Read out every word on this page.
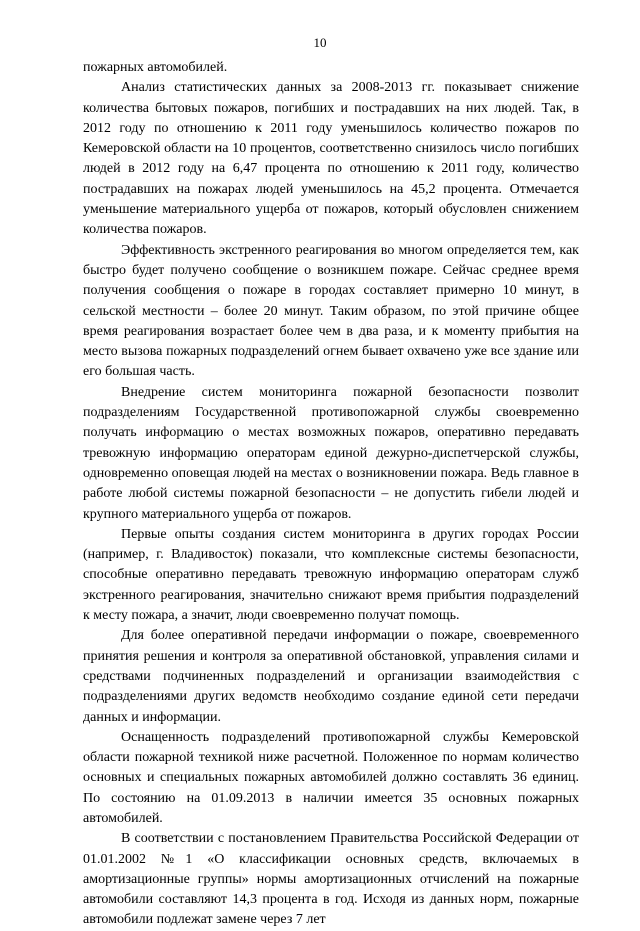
10

пожарных автомобилей.

Анализ статистических данных за 2008-2013 гг. показывает снижение количества бытовых пожаров, погибших и пострадавших на них людей. Так, в 2012 году по отношению к 2011 году уменьшилось количество пожаров по Кемеровской области на 10 процентов, соответственно снизилось число погибших людей в 2012 году на 6,47 процента по отношению к 2011 году, количество пострадавших на пожарах людей уменьшилось на 45,2 процента. Отмечается уменьшение материального ущерба от пожаров, который обусловлен снижением количества пожаров.

Эффективность экстренного реагирования во многом определяется тем, как быстро будет получено сообщение о возникшем пожаре. Сейчас среднее время получения сообщения о пожаре в городах составляет примерно 10 минут, в сельской местности – более 20 минут. Таким образом, по этой причине общее время реагирования возрастает более чем в два раза, и к моменту прибытия на место вызова пожарных подразделений огнем бывает охвачено уже все здание или его большая часть.

Внедрение систем мониторинга пожарной безопасности позволит подразделениям Государственной противопожарной службы своевременно получать информацию о местах возможных пожаров, оперативно передавать тревожную информацию операторам единой дежурно-диспетчерской службы, одновременно оповещая людей на местах о возникновении пожара. Ведь главное в работе любой системы пожарной безопасности – не допустить гибели людей и крупного материального ущерба от пожаров.

Первые опыты создания систем мониторинга в других городах России (например, г. Владивосток) показали, что комплексные системы безопасности, способные оперативно передавать тревожную информацию операторам служб экстренного реагирования, значительно снижают время прибытия подразделений к месту пожара, а значит, люди своевременно получат помощь.

Для более оперативной передачи информации о пожаре, своевременного принятия решения и контроля за оперативной обстановкой, управления силами и средствами подчиненных подразделений и организации взаимодействия с подразделениями других ведомств необходимо создание единой сети передачи данных и информации.

Оснащенность подразделений противопожарной службы Кемеровской области пожарной техникой ниже расчетной. Положенное по нормам количество основных и специальных пожарных автомобилей должно составлять 36 единиц. По состоянию на 01.09.2013 в наличии имеется 35 основных пожарных автомобилей.

В соответствии с постановлением Правительства Российской Федерации от 01.01.2002 №1 «О классификации основных средств, включаемых в амортизационные группы» нормы амортизационных отчислений на пожарные автомобили составляют 14,3 процента в год. Исходя из данных норм, пожарные автомобили подлежат замене через 7 лет
